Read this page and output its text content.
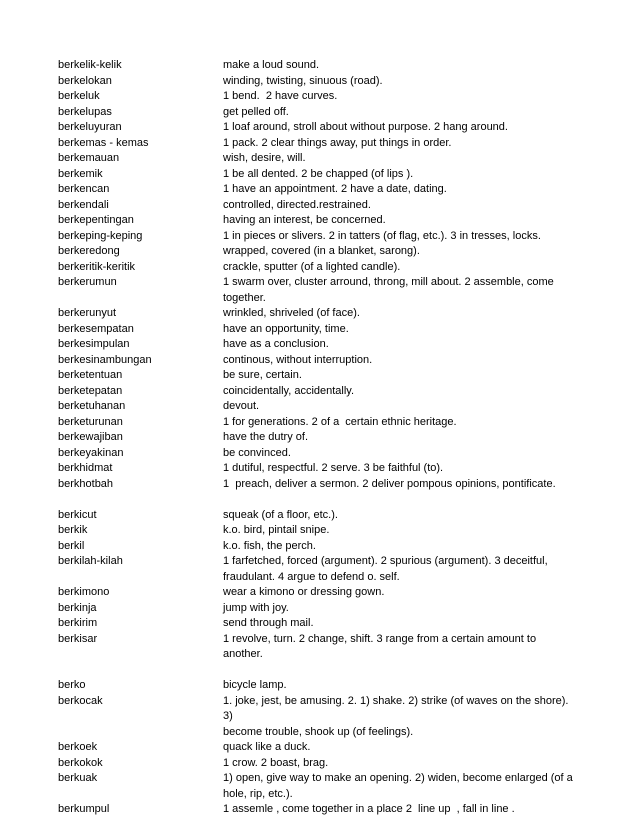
berkelik-kelik	make a loud sound.
berkelokan	winding, twisting, sinuous (road).
berkeluk	1 bend.  2 have curves.
berkelupas	get pelled off.
berkeluyuran	1 loaf around, stroll about without purpose. 2 hang around.
berkemas - kemas	1 pack. 2 clear things away, put things in order.
berkemauan	wish, desire, will.
berkemik	1 be all dented. 2 be chapped (of lips ).
berkencan	1 have an appointment. 2 have a date, dating.
berkendali	controlled, directed.restrained.
berkepentingan	having an interest, be concerned.
berkeping-keping	1 in pieces or slivers. 2 in tatters (of flag, etc.). 3 in tresses, locks.
berkeredong	wrapped, covered (in a blanket, sarong).
berkeritik-keritik	crackle, sputter (of a lighted candle).
berkerumun	1 swarm over, cluster arround, throng, mill about. 2 assemble, come
together.
berkerunyut	wrinkled, shriveled (of face).
berkesempatan	have an opportunity, time.
berkesimpulan	have as a conclusion.
berkesinambungan	continous, without interruption.
berketentuan	be sure, certain.
berketepatan	coincidentally, accidentally.
berketuhanan	devout.
berketurunan	1 for generations. 2 of a  certain ethnic heritage.
berkewajiban	have the dutry of.
berkeyakinan	be convinced.
berkhidmat	1 dutiful, respectful. 2 serve. 3 be faithful (to).
berkhotbah	1  preach, deliver a sermon. 2 deliver pompous opinions, pontificate.
berkicut	squeak (of a floor, etc.).
berkik	k.o. bird, pintail snipe.
berkil	k.o. fish, the perch.
berkilah-kilah	1 farfetched, forced (argument). 2 spurious (argument). 3 deceitful,
fraudulant. 4 argue to defend o. self.
berkimono	wear a kimono or dressing gown.
berkinja	jump with joy.
berkirim	send through mail.
berkisar	1 revolve, turn. 2 change, shift. 3 range from a certain amount to another.
berko	bicycle lamp.
berkocak	1. joke, jest, be amusing. 2. 1) shake. 2) strike (of waves on the shore). 3)
become trouble, shook up (of feelings).
berkoek	quack like a duck.
berkokok	1 crow. 2 boast, brag.
berkuak	1) open, give way to make an opening. 2) widen, become enlarged (of a
hole, rip, etc.).
berkumpul	1 assemle , come together in a place 2  line up  , fall in line .
